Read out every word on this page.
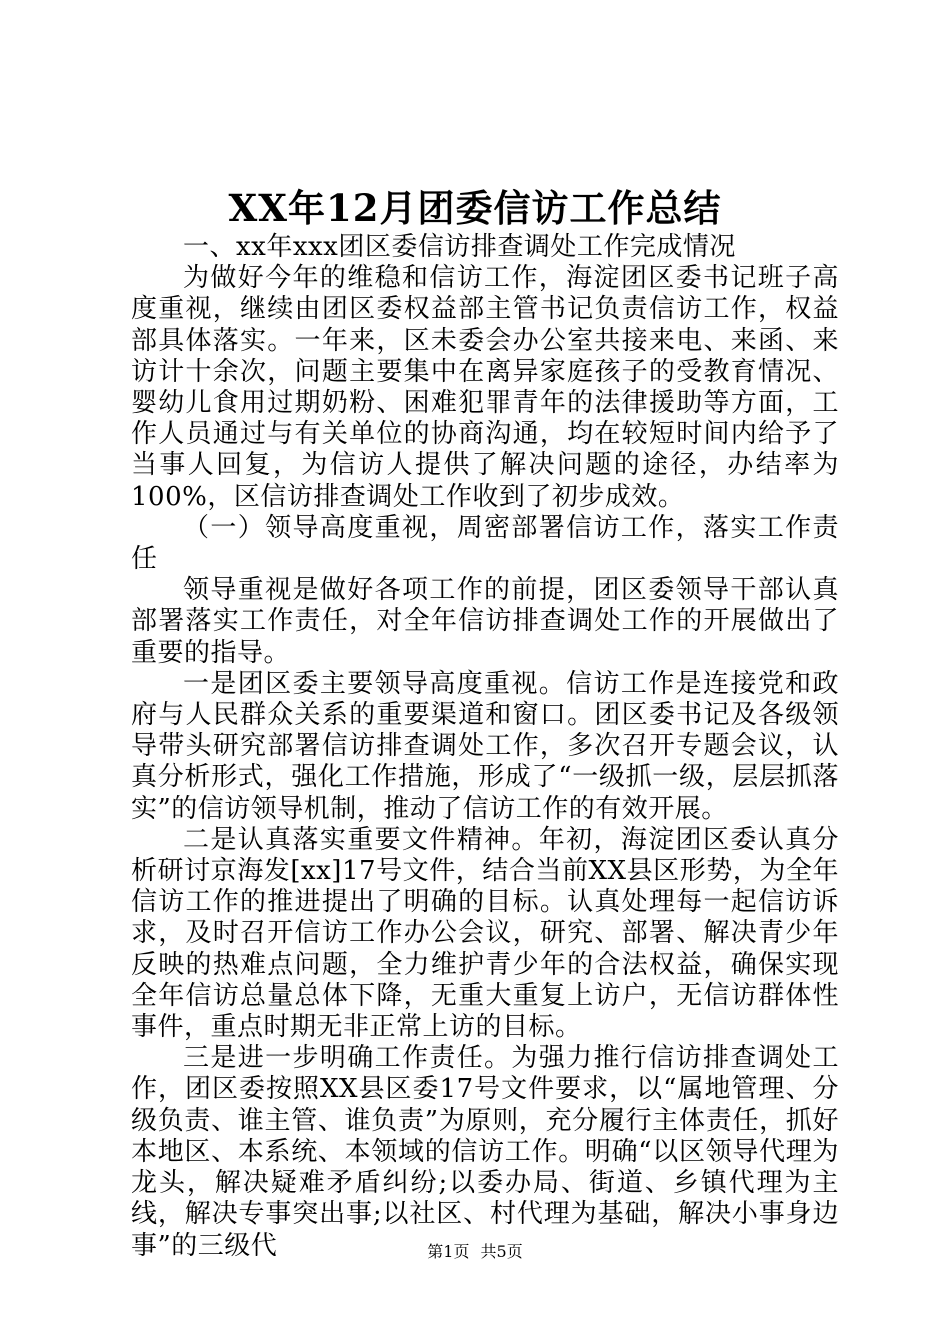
XX年12月团委信访工作总结

一、xx年xxx团区委信访排查调处工作完成情况

为做好今年的维稳和信访工作，海淀团区委书记班子高度重视，继续由团区委权益部主管书记负责信访工作，权益部具体落实。一年来，区未委会办公室共接来电、来函、来访计十余次，问题主要集中在离异家庭孩子的受教育情况、婴幼儿食用过期奶粉、困难犯罪青年的法律援助等方面，工作人员通过与有关单位的协商沟通，均在较短时间内给予了当事人回复，为信访人提供了解决问题的途径，办结率为100%，区信访排查调处工作收到了初步成效。

（一）领导高度重视，周密部署信访工作，落实工作责任

领导重视是做好各项工作的前提，团区委领导干部认真部署落实工作责任，对全年信访排查调处工作的开展做出了重要的指导。

一是团区委主要领导高度重视。信访工作是连接党和政府与人民群众关系的重要渠道和窗口。团区委书记及各级领导带头研究部署信访排查调处工作，多次召开专题会议，认真分析形式，强化工作措施，形成了“一级抓一级，层层抓落实”的信访领导机制，推动了信访工作的有效开展。

二是认真落实重要文件精神。年初，海淀团区委认真分析研讨京海发[xx]17号文件，结合当前XX县区形势，为全年信访工作的推进提出了明确的目标。认真处理每一起信访诉求，及时召开信访工作办公会议，研究、部署、解决青少年反映的热难点问题，全力维护青少年的合法权益，确保实现全年信访总量总体下降，无重大重复上访户，无信访群体性事件，重点时期无非正常上访的目标。

三是进一步明确工作责任。为强力推行信访排查调处工作，团区委按照XX县区委17号文件要求，以“属地管理、分级负责、谁主管、谁负责”为原则，充分履行主体责任，抓好本地区、本系统、本领域的信访工作。明确“以区领导代理为龙头，解决疑难矛盾纠纷;以委办局、街道、乡镇代理为主线，解决专事突出事;以社区、村代理为基础，解决小事身边事”的三级代	第1页 共5页
